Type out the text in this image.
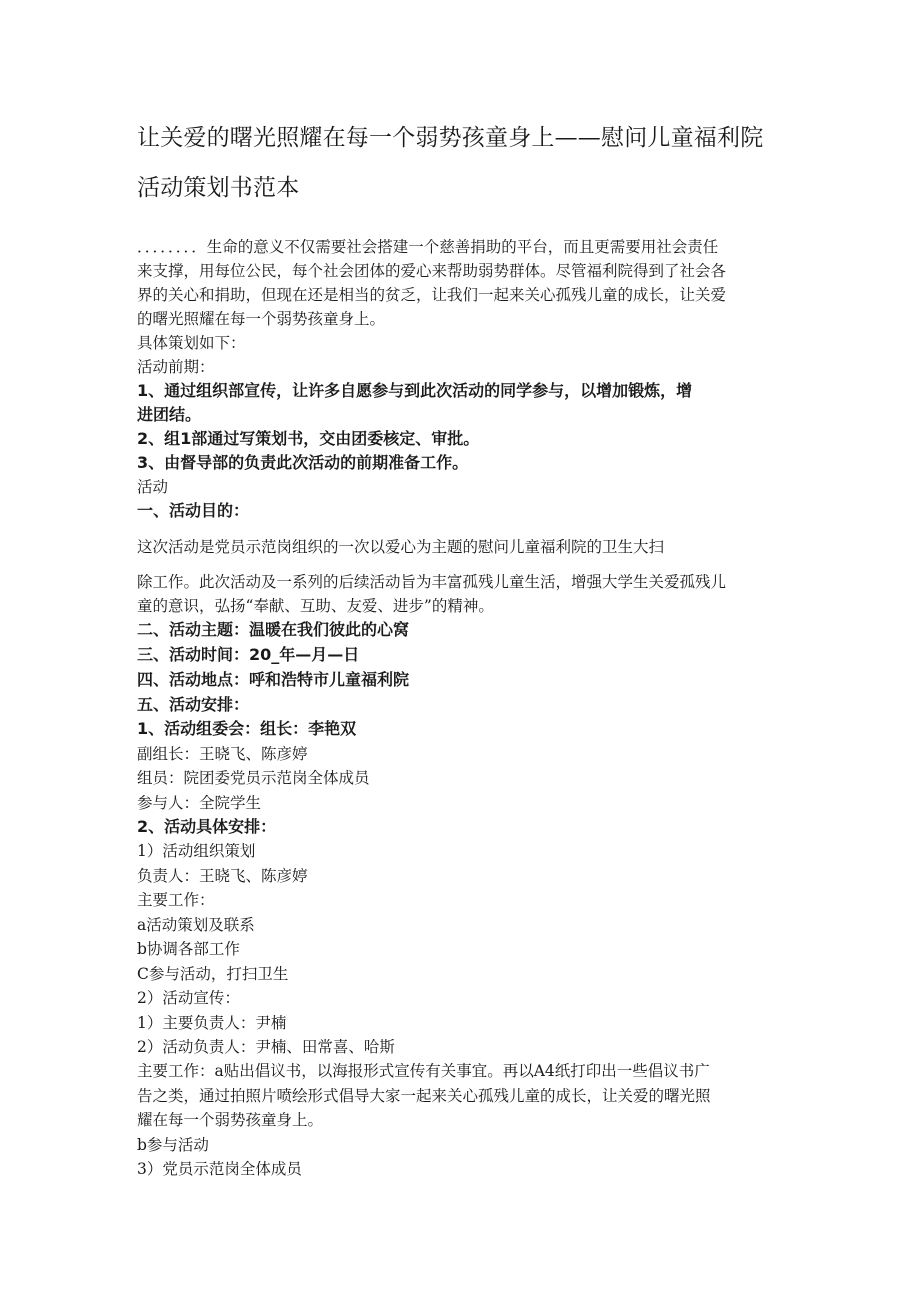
让关爱的曙光照耀在每一个弱势孩童身上——慰问儿童福利院
活动策划书范本
．．．．．．．．生命的意义不仅需要社会搭建一个慈善捐助的平台，而且更需要用社会责任
来支撑，用每位公民，每个社会团体的爱心来帮助弱势群体。尽管福利院得到了社会各
界的关心和捐助，但现在还是相当的贫乏，让我们一起来关心孤残儿童的成长，让关爱
的曙光照耀在每一个弱势孩童身上。
具体策划如下：
活动前期：
1、通过组织部宣传，让许多自愿参与到此次活动的同学参与，以增加锻炼，增
进团结。
2、组1部通过写策划书，交由团委核定、审批。
3、由督导部的负责此次活动的前期准备工作。
活动
一、活动目的：
这次活动是党员示范岗组织的一次以爱心为主题的慰问儿童福利院的卫生大扫
除工作。此次活动及一系列的后续活动旨为丰富孤残儿童生活，增强大学生关爱孤残儿
童的意识，弘扬“奉献、互助、友爱、进步”的精神。
二、活动主题：温暖在我们彼此的心窝
三、活动时间：20_年—月—日
四、活动地点：呼和浩特市儿童福利院
五、活动安排：
1、活动组委会：组长：李艳双
副组长：王晓飞、陈彦婷
组员：院团委党员示范岗全体成员
参与人：全院学生
2、活动具体安排：
1）活动组织策划
负责人：王晓飞、陈彦婷
主要工作：
a活动策划及联系
b协调各部工作
C参与活动，打扫卫生
2）活动宣传：
1）主要负责人：尹楠
2）活动负责人：尹楠、田常喜、哈斯
主要工作：a贴出倡议书，以海报形式宣传有关事宜。再以A4纸打印出一些倡议书广
告之类，通过拍照片喷绘形式倡导大家一起来关心孤残儿童的成长，让关爱的曙光照
耀在每一个弱势孩童身上。
b参与活动
3）党员示范岗全体成员
